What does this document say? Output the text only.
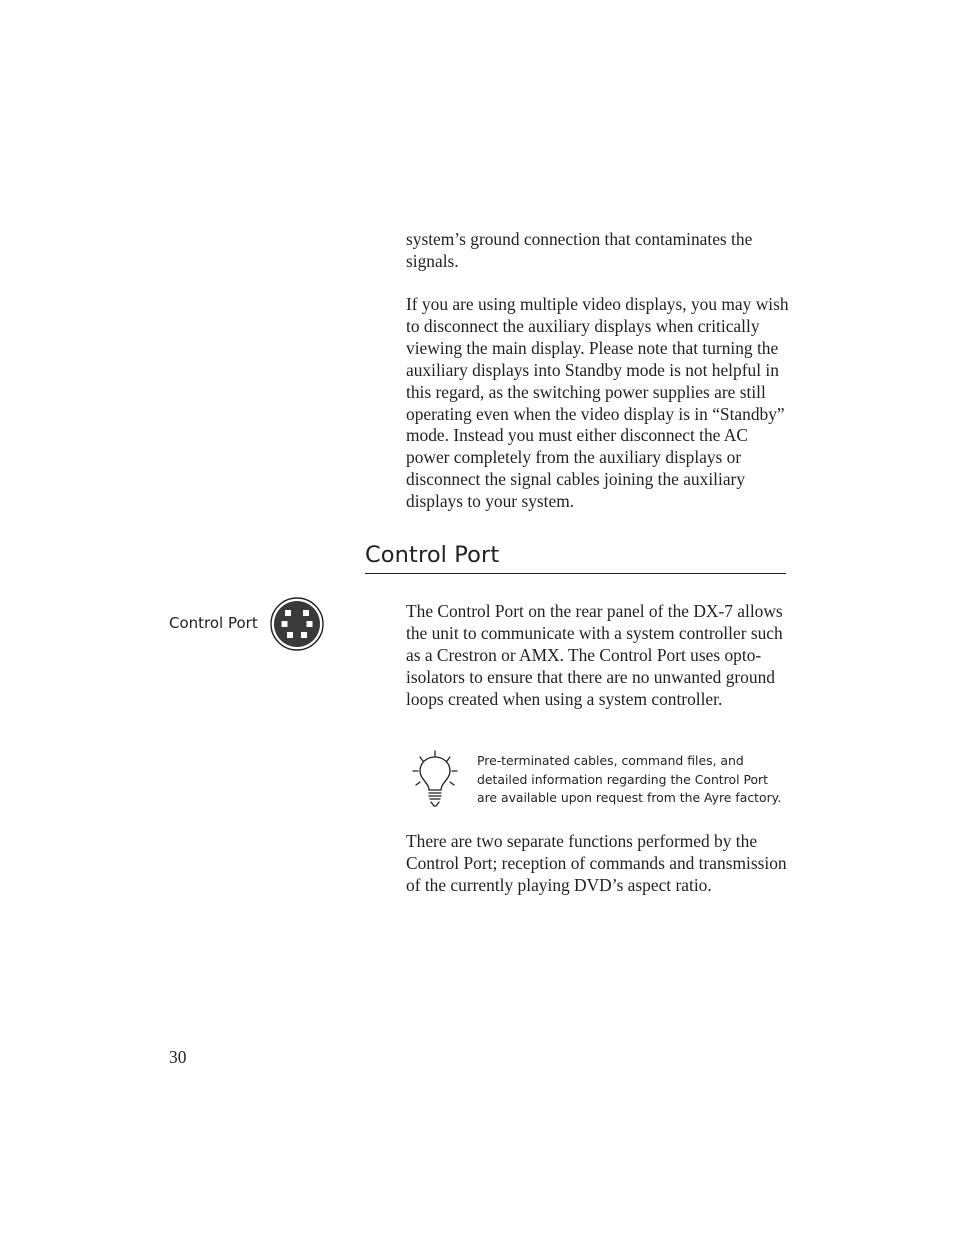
system’s ground connection that contaminates the signals.

If you are using multiple video displays, you may wish to disconnect the auxiliary displays when critically viewing the main display. Please note that turning the auxiliary displays into Standby mode is not helpful in this regard, as the switching power supplies are still operating even when the video display is in “Standby” mode. Instead you must either disconnect the AC power completely from the auxiliary displays or disconnect the signal cables joining the auxiliary displays to your system.

Control Port

Control Port

The Control Port on the rear panel of the DX-7 allows the unit to communicate with a system controller such as a Crestron or AMX. The Control Port uses opto-isolators to ensure that there are no unwanted ground loops created when using a system controller.

Pre-terminated cables, command files, and detailed information regarding the Control Port are available upon request from the Ayre factory.

There are two separate functions performed by the Control Port; reception of commands and transmission of the currently playing DVD’s aspect ratio.

30
